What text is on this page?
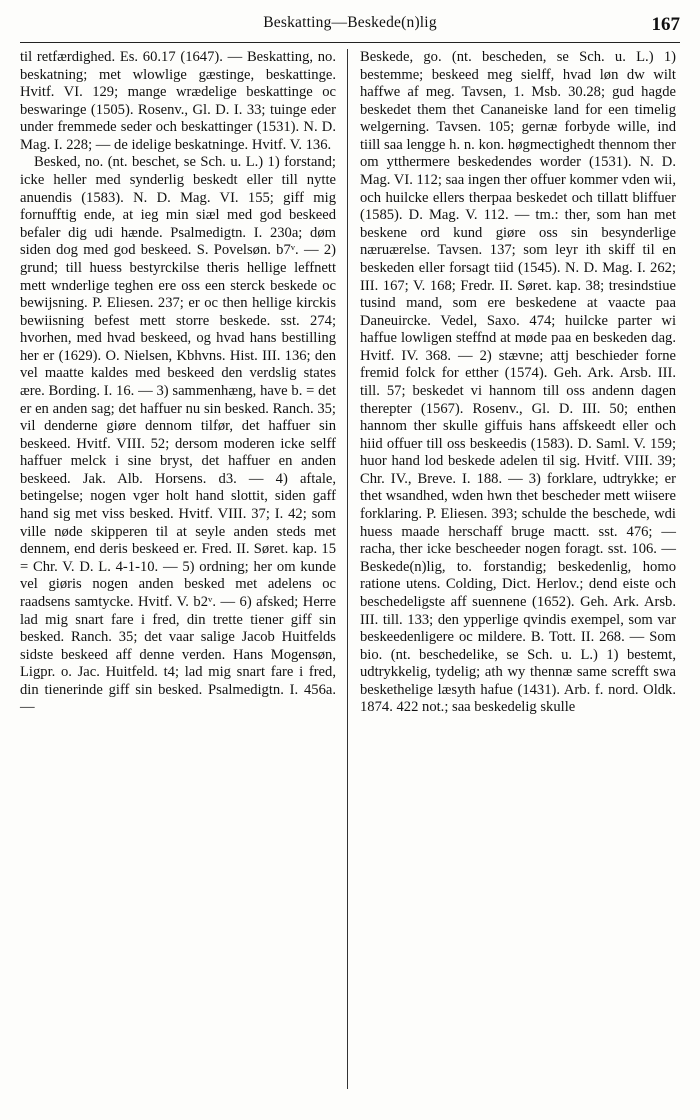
Beskatting—Beskede(n)lig	167

til retfærdighed. Es. 60.17 (1647). — Beskatting, no. beskatning; met wlowlige gæstinge, beskattinge. Hvitf. VI. 129; mange wrædelige beskattinge oc beswaringe (1505). Rosenv., Gl. D. I. 33; tuinge eder under fremmede seder och beskattinger (1531). N. D. Mag. I. 228; — de idelige beskatninge. Hvitf. V. 136.

Besked, no. (nt. beschet, se Sch. u. L.) 1) forstand; icke heller med synderlig beskedt eller till nytte anuendis (1583). N. D. Mag. VI. 155; giff mig fornufftig ende, at ieg min siæl med god beskeed befaler dig udi hænde. Psalmedigtn. I. 230a; døm siden dog med god beskeed. S. Povelsøn. b7ᵛ. — 2) grund; till huess bestyrckilse theris hellige leffnett mett wnderlige teghen ere oss een sterck beskede oc bewijsning. P. Eliesen. 237; er oc then hellige kirckis bewiisning befest mett storre beskede. sst. 274; hvorhen, med hvad beskeed, og hvad hans bestilling her er (1629). O. Nielsen, Kbhvns. Hist. III. 136; den vel maatte kaldes med beskeed den verdslig states ære. Bording. I. 16. — 3) sammenhæng, have b. = det er en anden sag; det haffuer nu sin besked. Ranch. 35; vil denderne giøre dennom tilfør, det haffuer sin beskeed. Hvitf. VIII. 52; dersom moderen icke selff haffuer melck i sine bryst, det haffuer en anden beskeed. Jak. Alb. Horsens. d3. — 4) aftale, betingelse; nogen vger holt hand slottit, siden gaff hand sig met viss besked. Hvitf. VIII. 37; I. 42; som ville nøde skipperen til at seyle anden steds met dennem, end deris beskeed er. Fred. II. Søret. kap. 15 = Chr. V. D. L. 4-1-10. — 5) ordning; her om kunde vel giøris nogen anden besked met adelens oc raadsens samtycke. Hvitf. V. b2ᵛ. — 6) afsked; Herre lad mig snart fare i fred, din trette tiener giff sin besked. Ranch. 35; det vaar salige Jacob Huitfelds sidste beskeed aff denne verden. Hans Mogensøn, Ligpr. o. Jac. Huitfeld. t4; lad mig snart fare i fred, din tienerinde giff sin besked. Psalmedigtn. I. 456a. —

Beskede, go. (nt. bescheden, se Sch. u. L.) 1) bestemme; beskeed meg sielff, hvad løn dw wilt haffwe af meg. Tavsen, 1. Msb. 30.28; gud hagde beskedet them thet Cananeiske land for een timelig welgerning. Tavsen. 105; gernæ forbyde wille, ind tiill saa lengge h. n. kon. høgmectighedt thennom ther om ytthermere beskedendes worder (1531). N. D. Mag. VI. 112; saa ingen ther offuer kommer vden wii, och huilcke ellers therpaa beskedet och tillatt bliffuer (1585). D. Mag. V. 112. — tm.: ther, som han met beskene ord kund giøre oss sin besynderlige næruærelse. Tavsen. 137; som leyr ith skiff til en beskeden eller forsagt tiid (1545). N. D. Mag. I. 262; III. 167; V. 168; Fredr. II. Søret. kap. 38; tresindstiue tusind mand, som ere beskedene at vaacte paa Daneuircke. Vedel, Saxo. 474; huilcke parter wi haffue lowligen steffnd at møde paa en beskeden dag. Hvitf. IV. 368. — 2) stævne; attj beschieder forne fremid folck for etther (1574). Geh. Ark. Arsb. III. till. 57; beskedet vi hannom till oss andenn dagen therepter (1567). Rosenv., Gl. D. III. 50; enthen hannom ther skulle giffuis hans affskeedt eller och hiid offuer till oss beskeedis (1583). D. Saml. V. 159; huor hand lod beskede adelen til sig. Hvitf. VIII. 39; Chr. IV., Breve. I. 188. — 3) forklare, udtrykke; er thet wsandhed, wden hwn thet bescheder mett wiisere forklaring. P. Eliesen. 393; schulde the beschede, wdi huess maade herschaff bruge mactt. sst. 476; — racha, ther icke bescheeder nogen foragt. sst. 106. — Beskede(n)lig, to. forstandig; beskedenlig, homo ratione utens. Colding, Dict. Herlov.; dend eiste och beschedeligste aff suennene (1652). Geh. Ark. Arsb. III. till. 133; den ypperlige qvindis exempel, som var beskeedenligere oc mildere. B. Tott. II. 268. — Som bio. (nt. beschedelike, se Sch. u. L.) 1) bestemt, udtrykkelig, tydelig; ath wy thennæ same screfft swa beskethelige læsyth hafue (1431). Arb. f. nord. Oldk. 1874. 422 not.; saa beskedelig skulle
